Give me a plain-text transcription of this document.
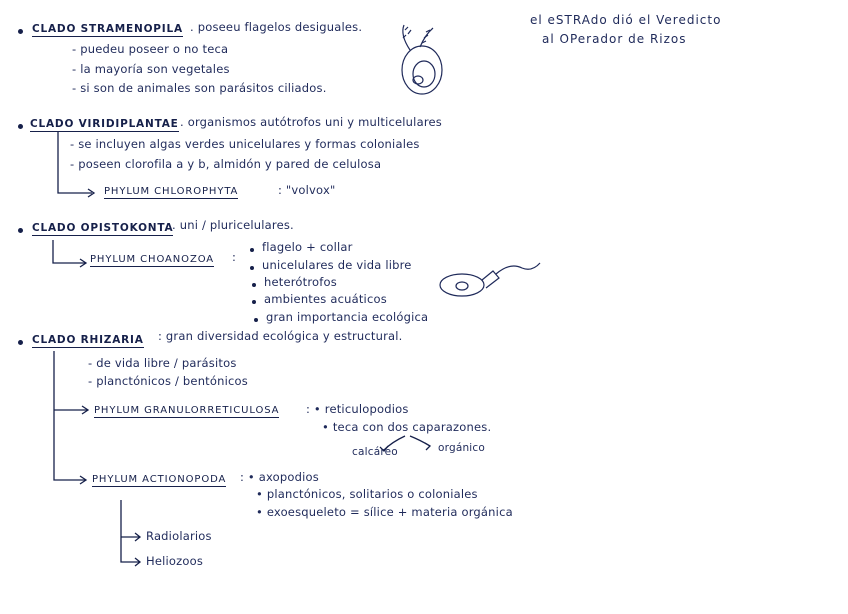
el eSTRAdo dió el Veredicto
al OPerador de Rizos
CLADO STRAMENOPILA . poseeu flagelos desiguales.
- puedeu poseer o no teca
- la mayoría son vegetales
- si son de animales son parásitos ciliados.
CLADO VIRIDIPLANTAE . organismos autótrofos uni y multicelulares
- se incluyen algas verdes unicelulares y formas coloniales
- poseen clorofila a y b, almidón y pared de celulosa
PHYLUM CHLOROPHYTA	: "volvox"
CLADO OPISTOKONTA
. uni / pluricelulares.
PHYLUM CHOANOZOA :
flagelo + collar
unicelulares de vida libre
heterótrofos
ambientes acuáticos
gran importancia ecológica
CLADO RHIZARIA : gran diversidad ecológica y estructural.
- de vida libre / parásitos
- planctónicos / bentónicos
PHYLUM GRANULORRETICULOSA : • reticulopodios
• teca con dos caparazones.
calcáreo	orgánico
PHYLUM ACTIONOPODA : • axopodios
• planctónicos, solitarios o coloniales
• exoesqueleto = sílice + materia orgánica
Radiolarios
Heliozoos
